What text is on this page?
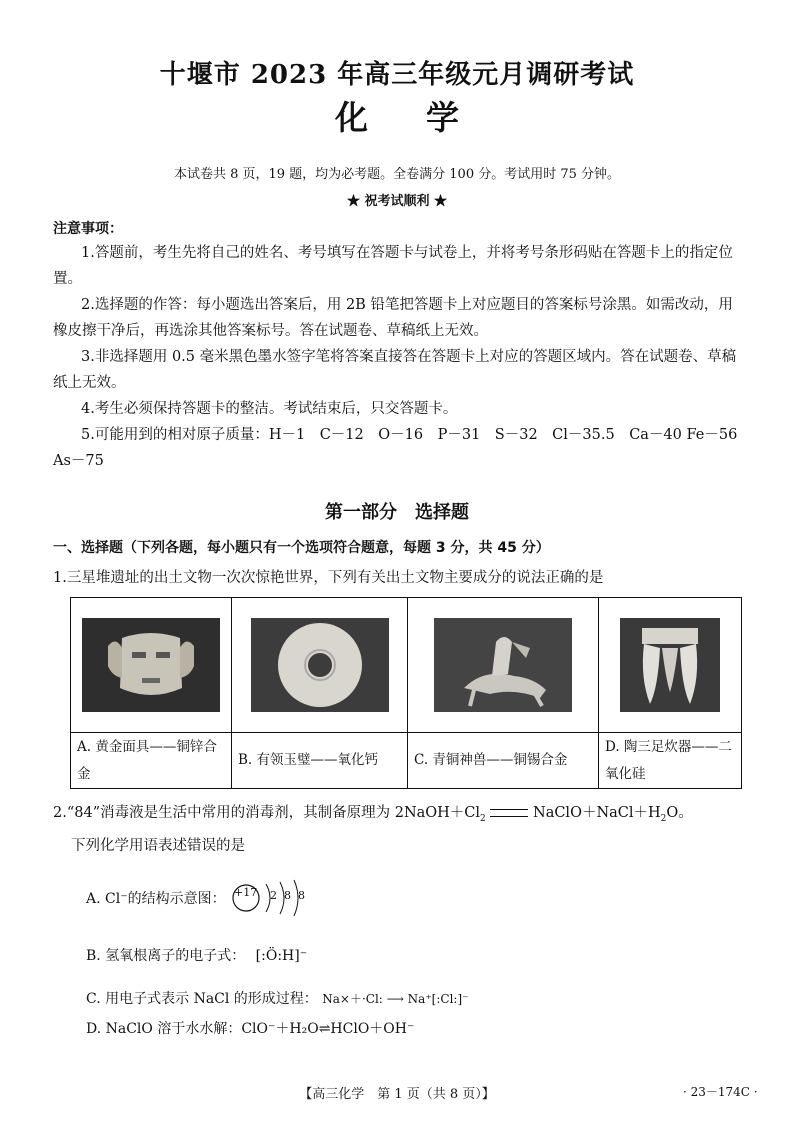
十堰市 2023 年高三年级元月调研考试
化学
本试卷共 8 页，19 题，均为必考题。全卷满分 100 分。考试用时 75 分钟。
★ 祝考试顺利 ★
注意事项：
1.答题前，考生先将自己的姓名、考号填写在答题卡与试卷上，并将考号条形码贴在答题卡上的指定位置。
2.选择题的作答：每小题选出答案后，用 2B 铅笔把答题卡上对应题目的答案标号涂黑。如需改动，用橡皮擦干净后，再选涂其他答案标号。答在试题卷、草稿纸上无效。
3.非选择题用 0.5 毫米黑色墨水签字笔将答案直接答在答题卡上对应的答题区域内。答在试题卷、草稿纸上无效。
4.考生必须保持答题卡的整洁。考试结束后，只交答题卡。
5.可能用到的相对原子质量：H－1　C－12　O－16　P－31　S－32　Cl－35.5　Ca－40 Fe－56　As－75
第一部分　选择题
一、选择题（下列各题，每小题只有一个选项符合题意，每题 3 分，共 45 分）
1.三星堆遗址的出土文物一次次惊艳世界，下列有关出土文物主要成分的说法正确的是

A. 黄金面具——铜锌合金	B. 有领玉璧——氧化钙	C. 青铜神兽——铜锡合金	D. 陶三足炊器——二氧化硅
2.“84”消毒液是生活中常用的消毒剂，其制备原理为 $2NaOH+Cl_2$	$NaClO+NaCl+H_2O$。
下列化学用语表述错误的是
A. Cl⁻的结构示意图： +17 2 8 8
B. 氢氧根离子的电子式： [:Ö:H]⁻
C. 用电子式表示 NaCl 的形成过程： Na×＋·Cl: ⟶ Na⁺[:Cl:]⁻
D. NaClO 溶于水水解：ClO⁻＋H₂O⇌HClO＋OH⁻
【高三化学　第 1 页（共 8 页）】	· 23－174C ·
